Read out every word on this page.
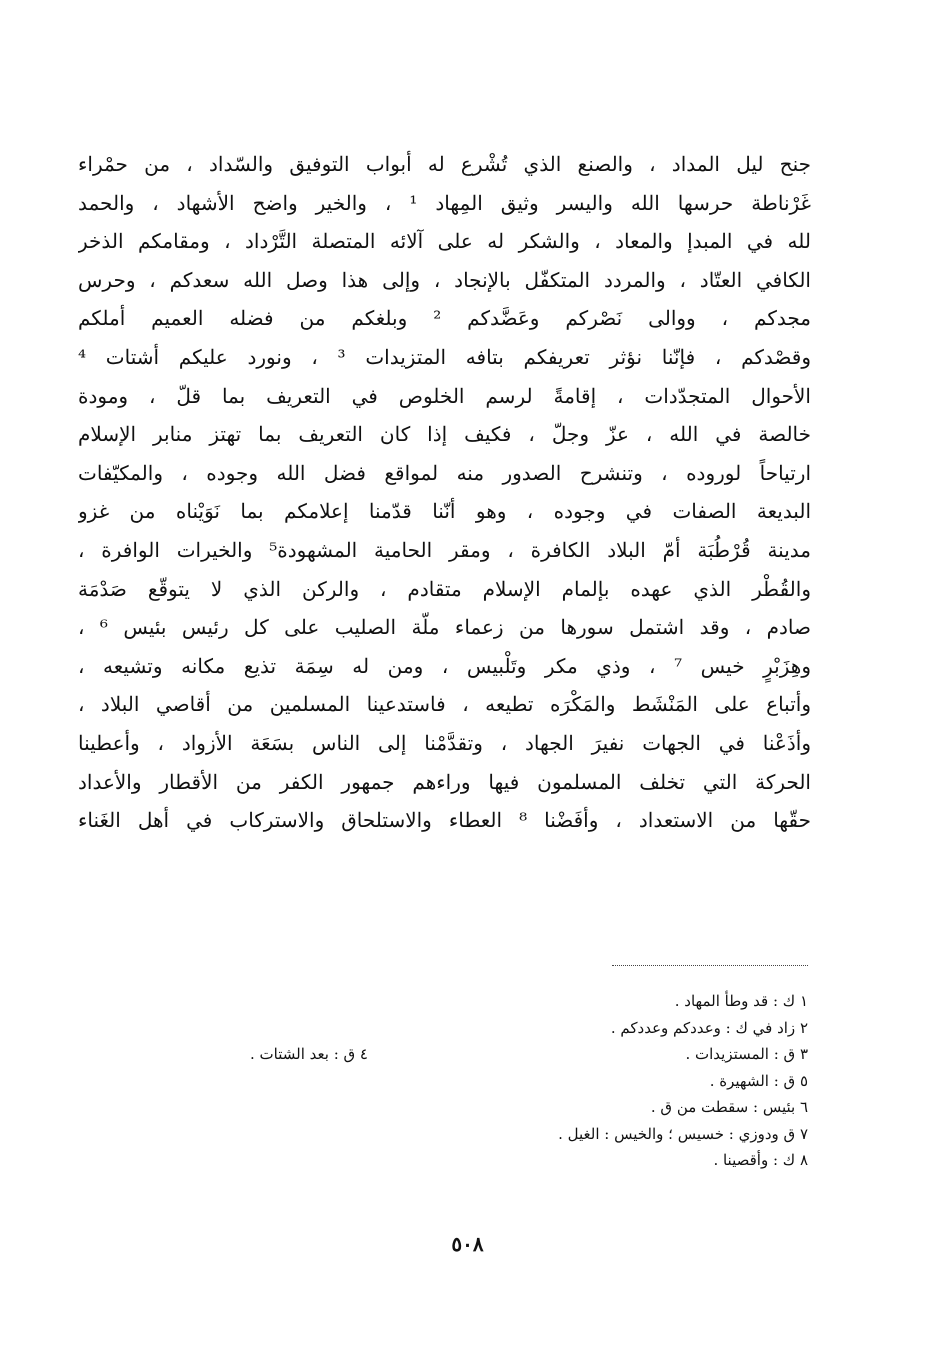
جنح ليل المداد ، والصنع الذي تُشْرع له أبواب التوفيق والسّداد ، من حمْراء
غَرْناطة حرسها الله واليسر وثيق المِهاد ¹ ، والخير واضح الأشهاد ، والحمد
لله في المبدإ والمعاد ، والشكر له على آلائه المتصلة التَّرْداد ، ومقامكم الذخر
الكافي العتّاد ، والمردد المتكفّل بالإنجاد ، وإلى هذا وصل الله سعدكم ، وحرس
مجدكم ، ووالى نَصْركم وعَضَّدكم ² وبلغكم من فضله العميم أملكم
وقصْدكم ، فإنّنا نؤثر تعريفكم بتافه المتزيدات ³ ، ونورد عليكم أشتات ⁴
الأحوال المتجدّدات ، إقامةً لرسم الخلوص في التعريف بما قلّ ، ومودة
خالصة في الله ، عزّ وجلّ ، فكيف إذا كان التعريف بما تهتز منابر الإسلام
ارتياحاً لوروده ، وتنشرح الصدور منه لمواقع فضل الله وجوده ، والمكيّفات
البديعة الصفات في وجوده ، وهو أنّنا قدّمنا إعلامكم بما نَوَيْناه من غزو
مدينة قُرْطُبَة أمّ البلاد الكافرة ، ومقر الحامية المشهودة⁵ والخيرات الوافرة ،
والقُطْر الذي عهده بإلمام الإسلام متقادم ، والركن الذي لا يتوقّع صَدْمَة
صادم ، وقد اشتمل سورها من زعماء ملّة الصليب على كل رئيس بئيس ⁶ ،
وهِزَبْرٍ خيس ⁷ ، وذي مكر وتَلْبيس ، ومن له سِمَة تذيع مكانه وتشيعه ،
وأتباع على المَنْشَط والمَكْرَه تطيعه ، فاستدعينا المسلمين من أقاصي البلاد ،
وأذَعْنا في الجهات نفيرَ الجهاد ، وتقدَّمْنا إلى الناس بسَعَة الأزواد ، وأعطينا
الحركة التي تخلف المسلمون فيها وراءهم جمهور الكفر من الأقطار والأعداد
حقّها من الاستعداد ، وأفَضْنا ⁸ العطاء والاستلحاق والاستركاب في أهل الغَناء
١ ك : قد وطأ المهاد .
٢ زاد في ك : وعددكم وعددكم .
٣ ق : المستزيدات .
٤ ق : بعد الشتات .
٥ ق : الشهيرة .
٦ بئيس : سقطت من ق .
٧ ق ودوزي : خسيس ؛ والخيس : الغيل .
٨ ك : وأقصينا .
٥٠٨
